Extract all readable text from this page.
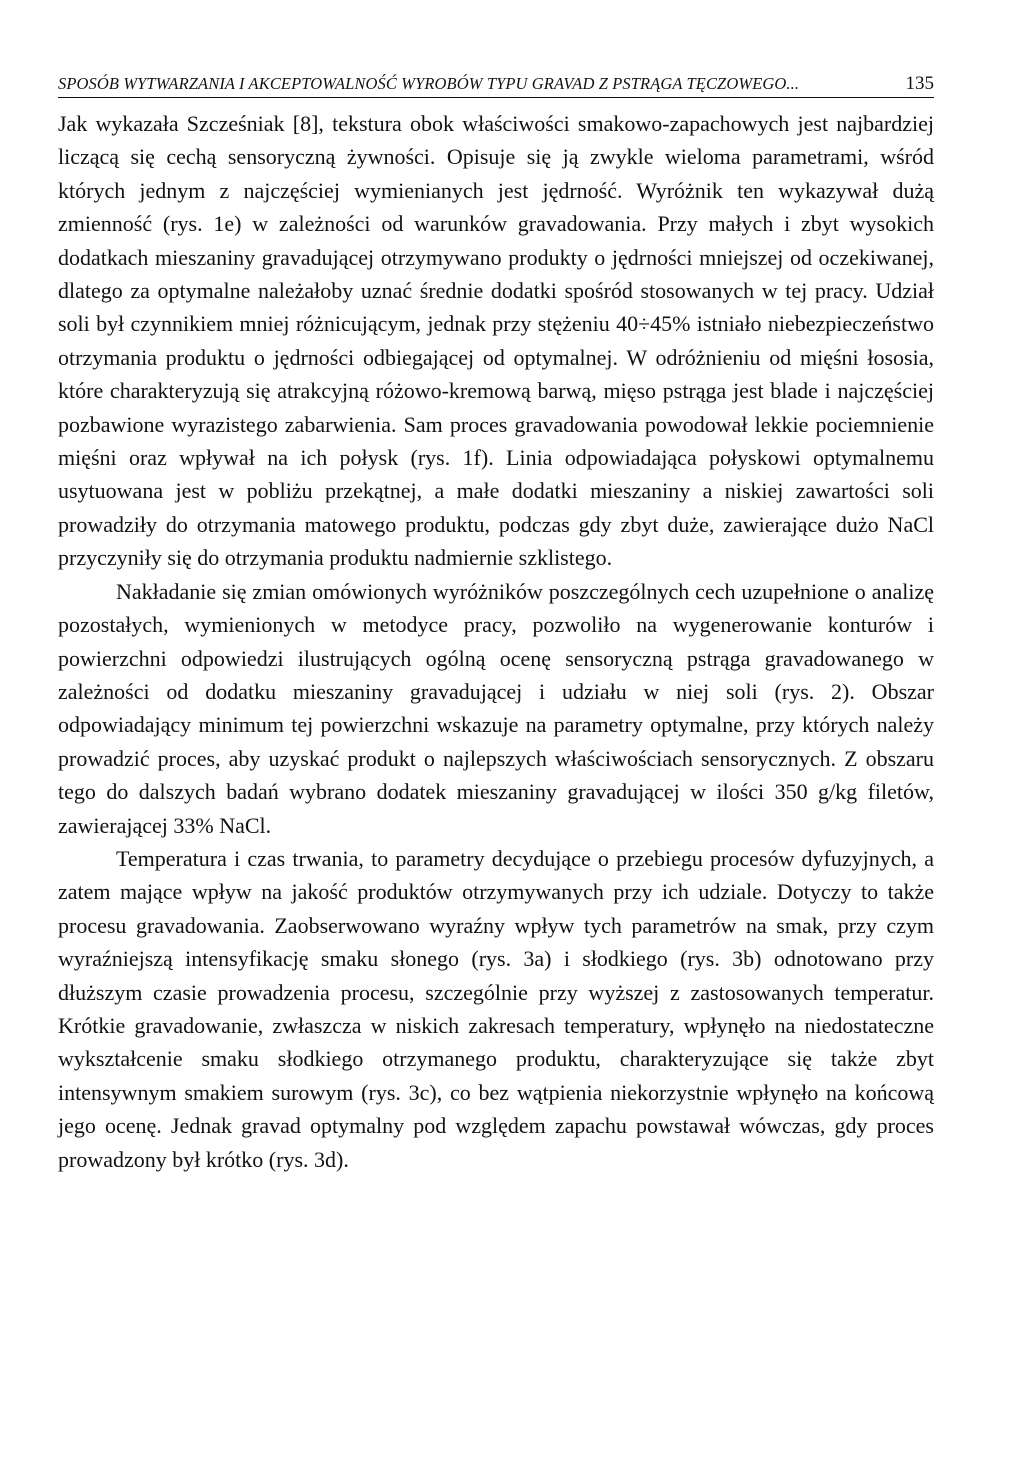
SPOSÓB WYTWARZANIA I AKCEPTOWALNOŚĆ WYROBÓW TYPU GRAVAD Z PSTRĄGA TĘCZOWEGO...	135

Jak wykazała Szcześniak [8], tekstura obok właściwości smakowo-zapachowych jest najbardziej liczącą się cechą sensoryczną żywności. Opisuje się ją zwykle wieloma parametrami, wśród których jednym z najczęściej wymienianych jest jędrność. Wyróżnik ten wykazywał dużą zmienność (rys. 1e) w zależności od warunków gravadowania. Przy małych i zbyt wysokich dodatkach mieszaniny gravadującej otrzymywano produkty o jędrności mniejszej od oczekiwanej, dlatego za optymalne należałoby uznać średnie dodatki spośród stosowanych w tej pracy. Udział soli był czynnikiem mniej różnicującym, jednak przy stężeniu 40÷45% istniało niebezpieczeństwo otrzymania produktu o jędrności odbiegającej od optymalnej. W odróżnieniu od mięśni łososia, które charakteryzują się atrakcyjną różowo-kremową barwą, mięso pstrąga jest blade i najczęściej pozbawione wyrazistego zabarwienia. Sam proces gravadowania powodował lekkie pociemnienie mięśni oraz wpływał na ich połysk (rys. 1f). Linia odpowiadająca połyskowi optymalnemu usytuowana jest w pobliżu przekątnej, a małe dodatki mieszaniny a niskiej zawartości soli prowadziły do otrzymania matowego produktu, podczas gdy zbyt duże, zawierające dużo NaCl przyczyniły się do otrzymania produktu nadmiernie szklistego.

Nakładanie się zmian omówionych wyróżników poszczególnych cech uzupełnione o analizę pozostałych, wymienionych w metodyce pracy, pozwoliło na wygenerowanie konturów i powierzchni odpowiedzi ilustrujących ogólną ocenę sensoryczną pstrąga gravadowanego w zależności od dodatku mieszaniny gravadującej i udziału w niej soli (rys. 2). Obszar odpowiadający minimum tej powierzchni wskazuje na parametry optymalne, przy których należy prowadzić proces, aby uzyskać produkt o najlepszych właściwościach sensorycznych. Z obszaru tego do dalszych badań wybrano dodatek mieszaniny gravadującej w ilości 350 g/kg filetów, zawierającej 33% NaCl.

Temperatura i czas trwania, to parametry decydujące o przebiegu procesów dyfuzyjnych, a zatem mające wpływ na jakość produktów otrzymywanych przy ich udziale. Dotyczy to także procesu gravadowania. Zaobserwowano wyraźny wpływ tych parametrów na smak, przy czym wyraźniejszą intensyfikację smaku słonego (rys. 3a) i słodkiego (rys. 3b) odnotowano przy dłuższym czasie prowadzenia procesu, szczególnie przy wyższej z zastosowanych temperatur. Krótkie gravadowanie, zwłaszcza w niskich zakresach temperatury, wpłynęło na niedostateczne wykształcenie smaku słodkiego otrzymanego produktu, charakteryzujące się także zbyt intensywnym smakiem surowym (rys. 3c), co bez wątpienia niekorzystnie wpłynęło na końcową jego ocenę. Jednak gravad optymalny pod względem zapachu powstawał wówczas, gdy proces prowadzony był krótko (rys. 3d).
